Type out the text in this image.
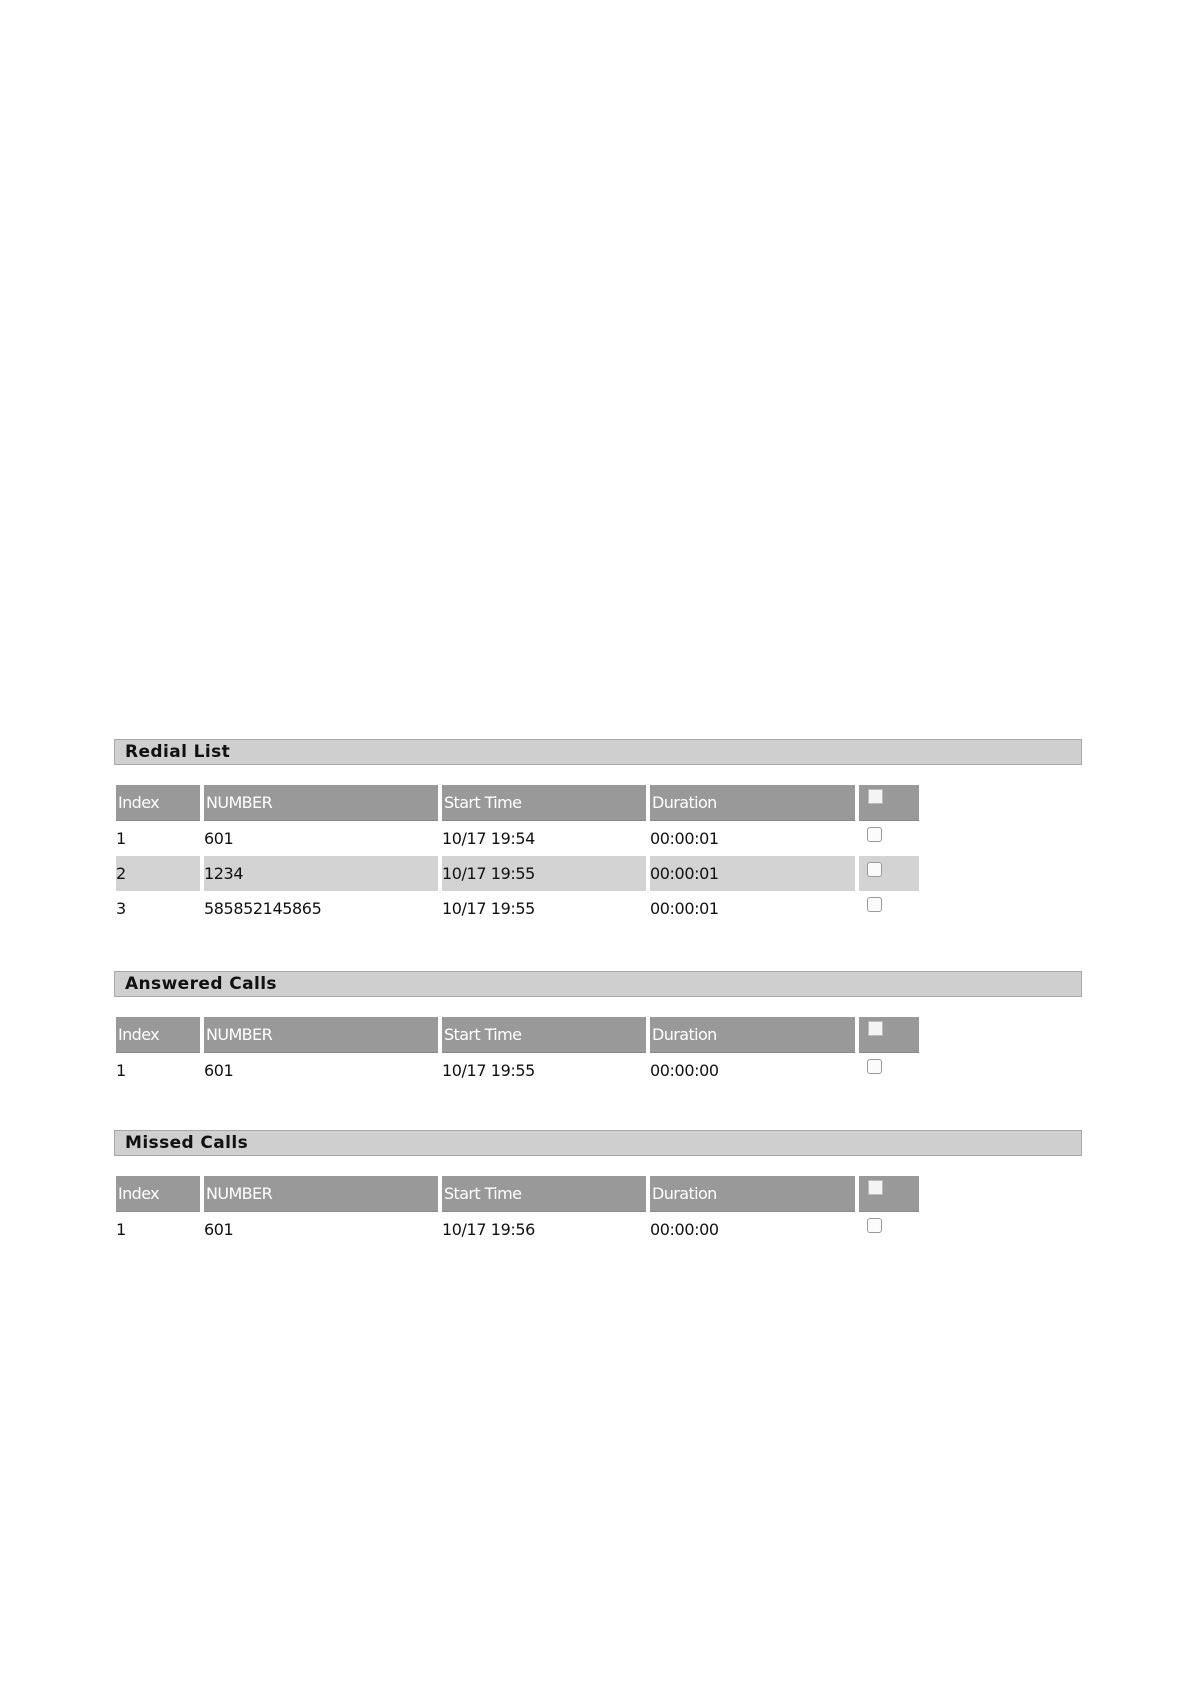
Redial List
Index	NUMBER	Start Time	Duration	
1	601	10/17 19:54	00:00:01	
2	1234	10/17 19:55	00:00:01	
3	585852145865	10/17 19:55	00:00:01	
Answered Calls
Index	NUMBER	Start Time	Duration	
1	601	10/17 19:55	00:00:00	
Missed Calls
Index	NUMBER	Start Time	Duration	
1	601	10/17 19:56	00:00:00	
